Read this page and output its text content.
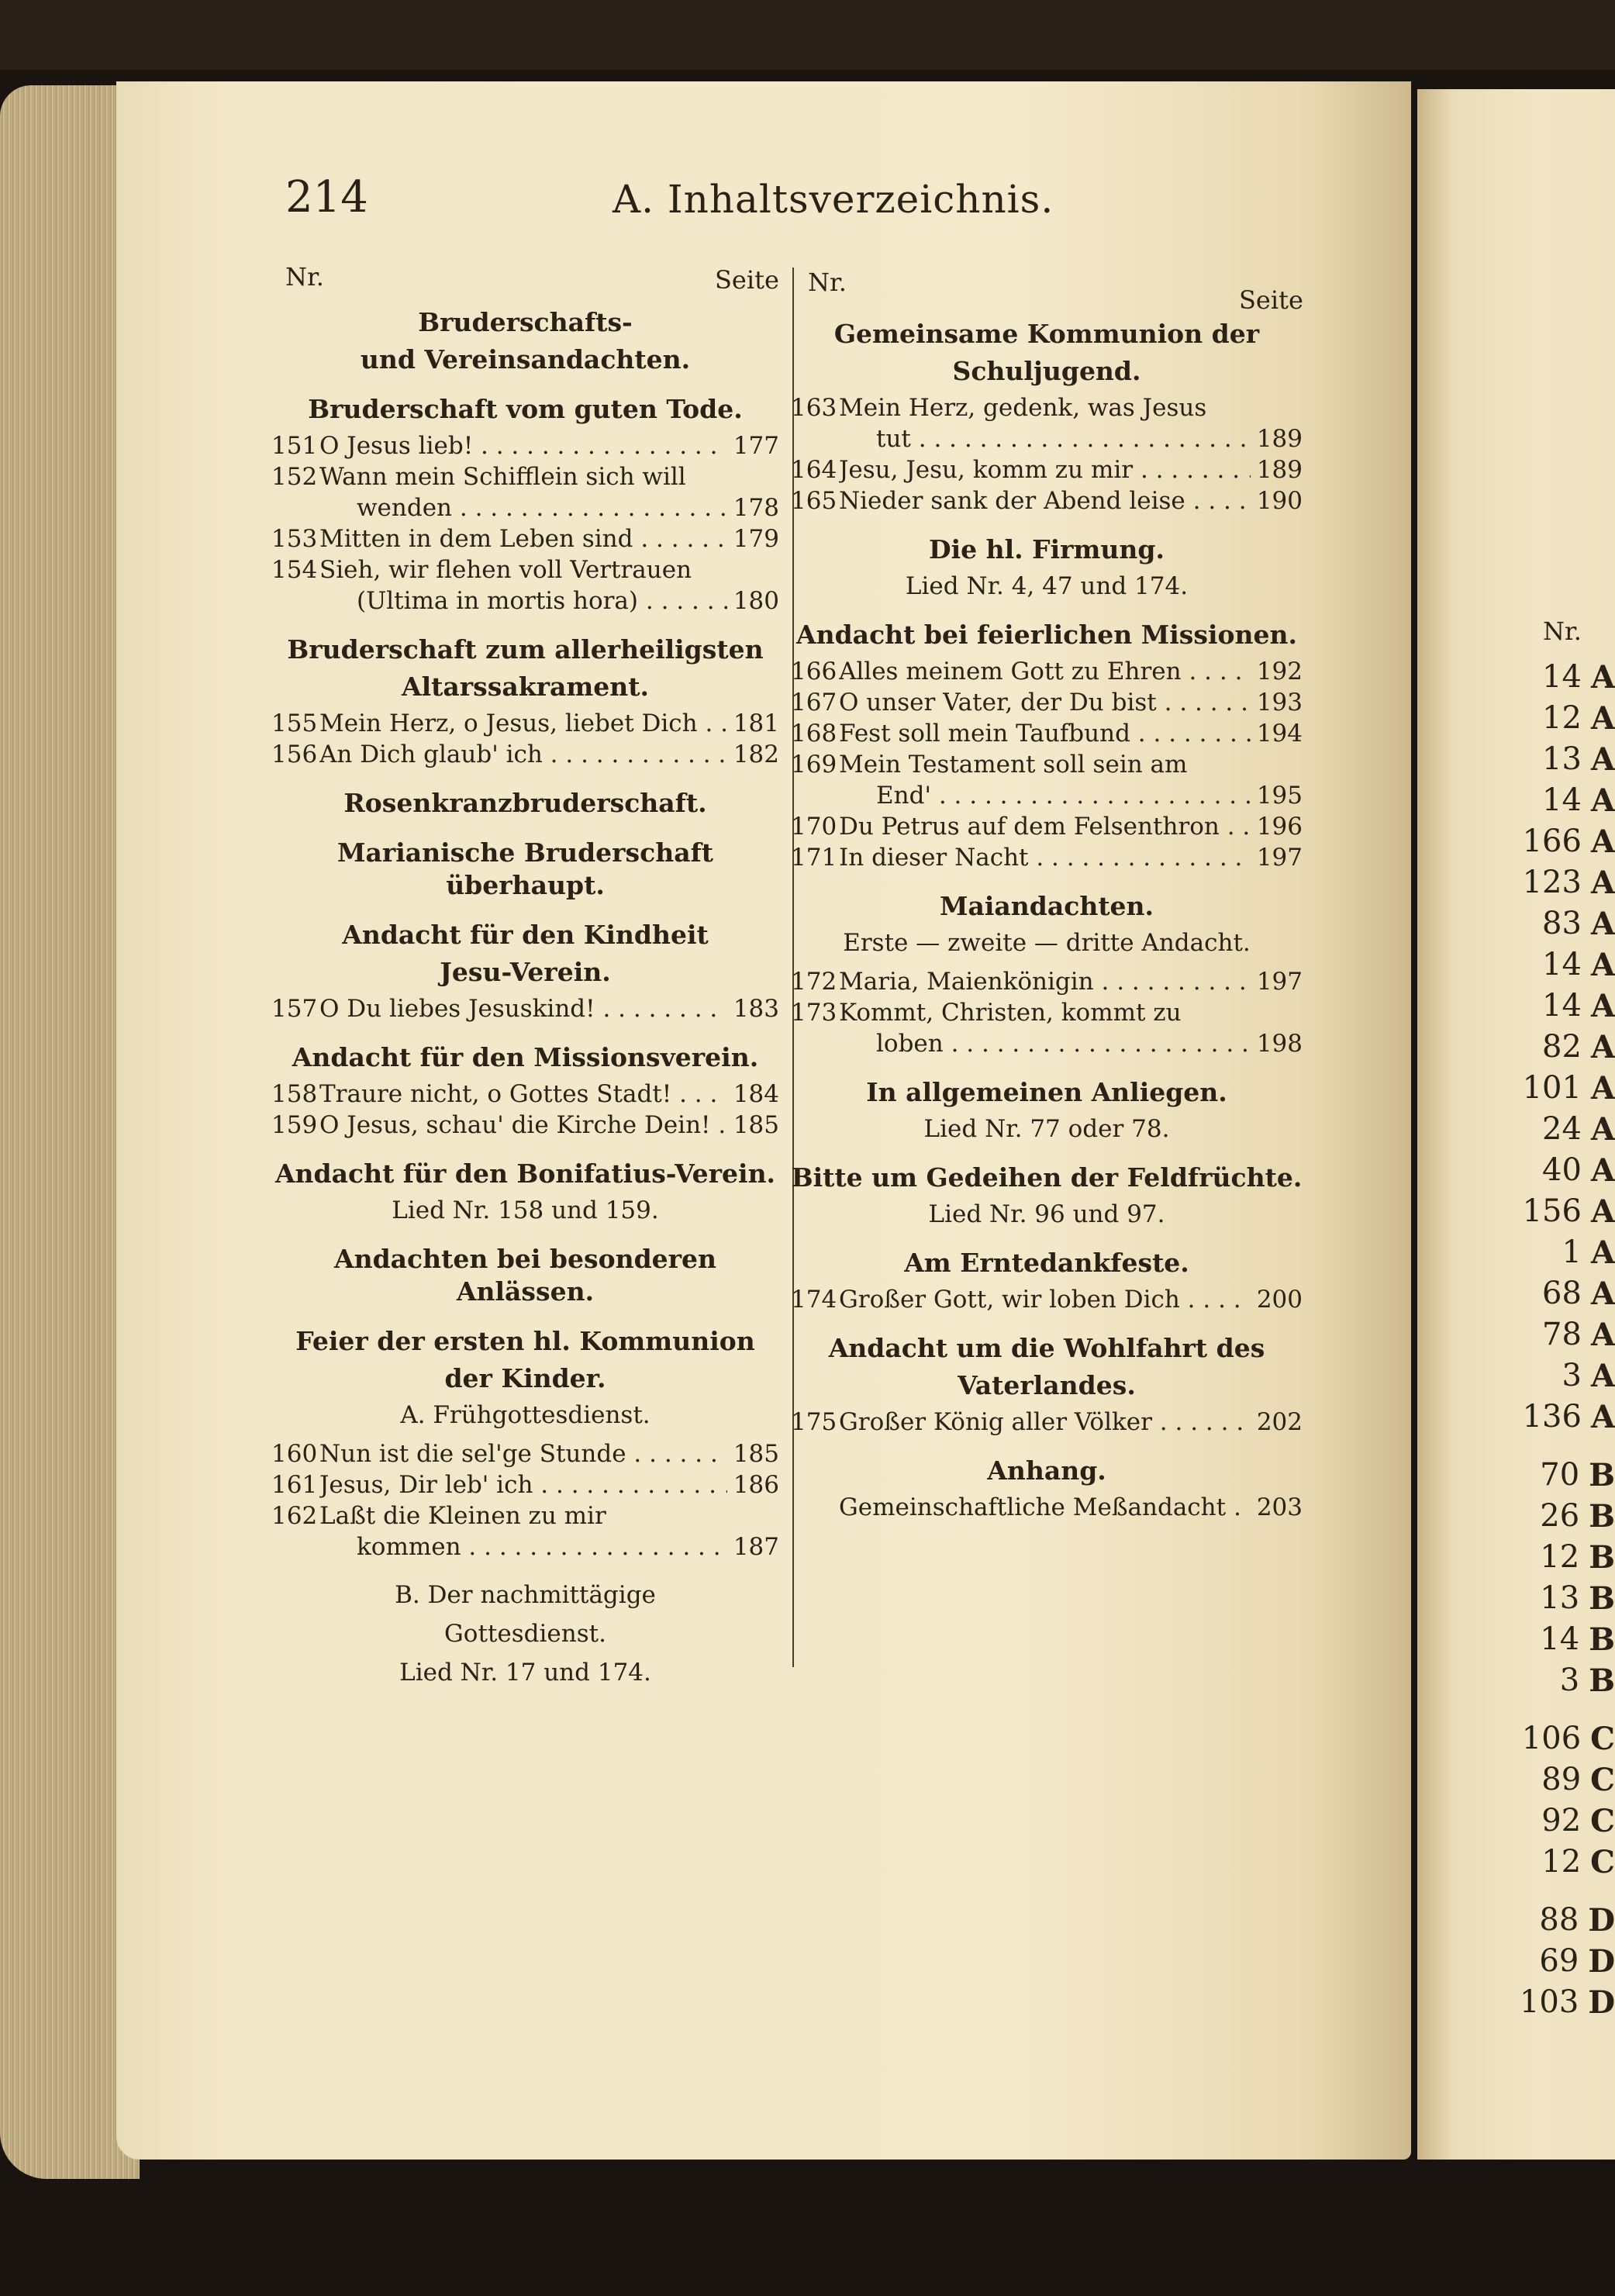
214	A. Inhaltsverzeichnis.
Nr.	Seite Nr.
Seite
Bruderschafts-
und Vereinsandachten.
Bruderschaft vom guten Tode.
151 O Jesus lieb! . . .	177
152 Wann mein Schifflein sich will
wenden . . .	178
153 Mitten in dem Leben sind . . .	179
154 Sieh, wir flehen voll Vertrauen
(Ultima in mortis hora) . . .	180
Bruderschaft zum allerheiligsten
Altarssakrament.
155 Mein Herz, o Jesus, liebet Dich . . .	181
156 An Dich glaub' ich . . .	182
Rosenkranzbruderschaft.
Marianische Bruderschaft überhaupt.
Andacht für den Kindheit
Jesu-Verein.
157 O Du liebes Jesuskind! . . .	183
Andacht für den Missionsverein.
158 Traure nicht, o Gottes Stadt! . . .	184
159 O Jesus, schau' die Kirche Dein! . . . 185
Andacht für den Bonifatius-Verein.
Lied Nr. 158 und 159.
Andachten bei besonderen Anlässen.
Feier der ersten hl. Kommunion
der Kinder.
A. Frühgottesdienst.
160 Nun ist die sel'ge Stunde . . .	185
161 Jesus, Dir leb' ich . . .	186
162 Laßt die Kleinen zu mir
kommen . . .	187
B. Der nachmittägige
Gottesdienst.
Lied Nr. 17 und 174.
Gemeinsame Kommunion der
Schuljugend.
163 Mein Herz, gedenk, was Jesus
tut . . .	189
164 Jesu, Jesu, komm zu mir . . .	189
165 Nieder sank der Abend leise . . .	190
Die hl. Firmung.
Lied Nr. 4, 47 und 174.
Andacht bei feierlichen Missionen.
166 Alles meinem Gott zu Ehren . . .	192
167 O unser Vater, der Du bist . . .	193
168 Fest soll mein Taufbund . . .	194
169 Mein Testament soll sein am
End' . . .	195
170 Du Petrus auf dem Felsenthron . . .	196
171 In dieser Nacht . . .	197
Maiandachten.
Erste — zweite — dritte Andacht.
172 Maria, Maienkönigin . . .	197
173 Kommt, Christen, kommt zu
loben . . .	198
In allgemeinen Anliegen.
Lied Nr. 77 oder 78.
Bitte um Gedeihen der Feldfrüchte.
Lied Nr. 96 und 97.
Am Erntedankfeste.
174 Großer Gott, wir loben Dich . . .	200
Andacht um die Wohlfahrt des
Vaterlandes.
175 Großer König aller Völker . . .	202
Anhang.
Gemeinschaftliche Meßandacht . . .	203
Nr.
14 A
12 A
13 A
14 A
166 A
123 A
83 A
14 A
14 A
82 A
101 A
24 A
40 A
156 A
1 A
68 A
78 A
3 A
136 A
70 B
26 B
12 B
13 B
14 B
3 B
106 C
89 C
92 C
12 C
88 D
69 D
103 D
